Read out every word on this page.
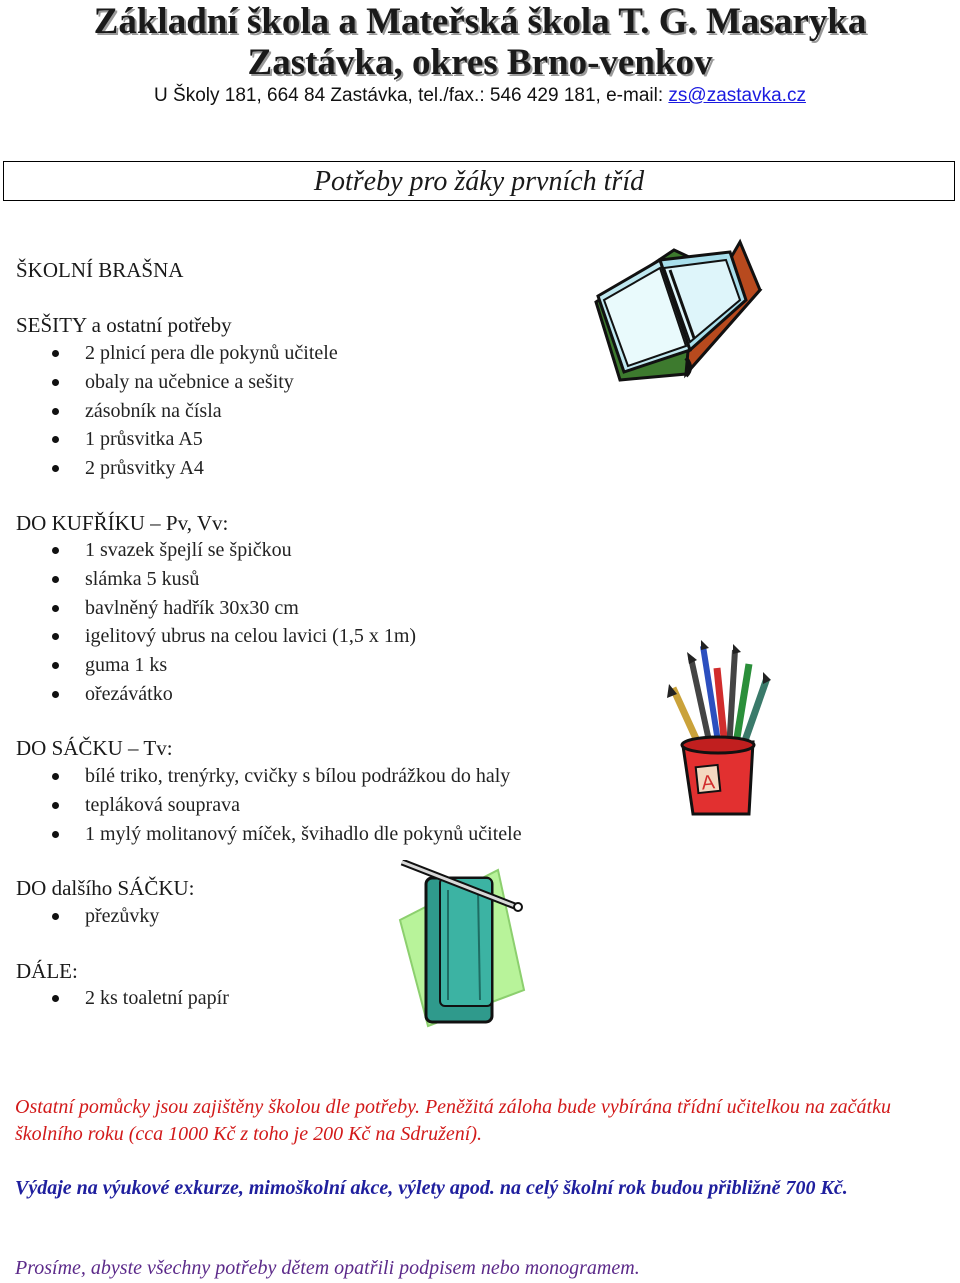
Základní škola a Mateřská škola T. G. Masaryka
Zastávka, okres Brno-venkov
U Školy 181, 664 84 Zastávka, tel./fax.: 546 429 181, e-mail: zs@zastavka.cz
Potřeby pro žáky prvních tříd
ŠKOLNÍ BRAŠNA
SEŠITY a ostatní potřeby
2 plnicí pera dle pokynů učitele
obaly na učebnice a sešity
zásobník na čísla
1 průsvitka A5
2 průsvitky A4
DO KUFŘÍKU – Pv, Vv:
1 svazek špejlí se špičkou
slámka 5 kusů
bavlněný hadřík 30x30 cm
igelitový ubrus na celou lavici (1,5 x 1m)
guma 1 ks
ořezávátko
DO SÁČKU – Tv:
bílé triko, trenýrky, cvičky s bílou podrážkou do haly
tepláková souprava
1 mylý molitanový míček, švihadlo dle pokynů učitele
DO dalšího SÁČKU:
přezůvky
DÁLE:
2 ks toaletní papír
Ostatní pomůcky jsou zajištěny školou dle potřeby. Peněžitá záloha bude vybírána třídní učitelkou na začátku školního roku (cca 1000 Kč z toho je 200 Kč na Sdružení).
Výdaje na výukové exkurze, mimoškolní akce, výlety apod. na celý školní rok budou přibližně 700 Kč.
Prosíme, abyste všechny potřeby dětem opatřili podpisem nebo monogramem.
A
